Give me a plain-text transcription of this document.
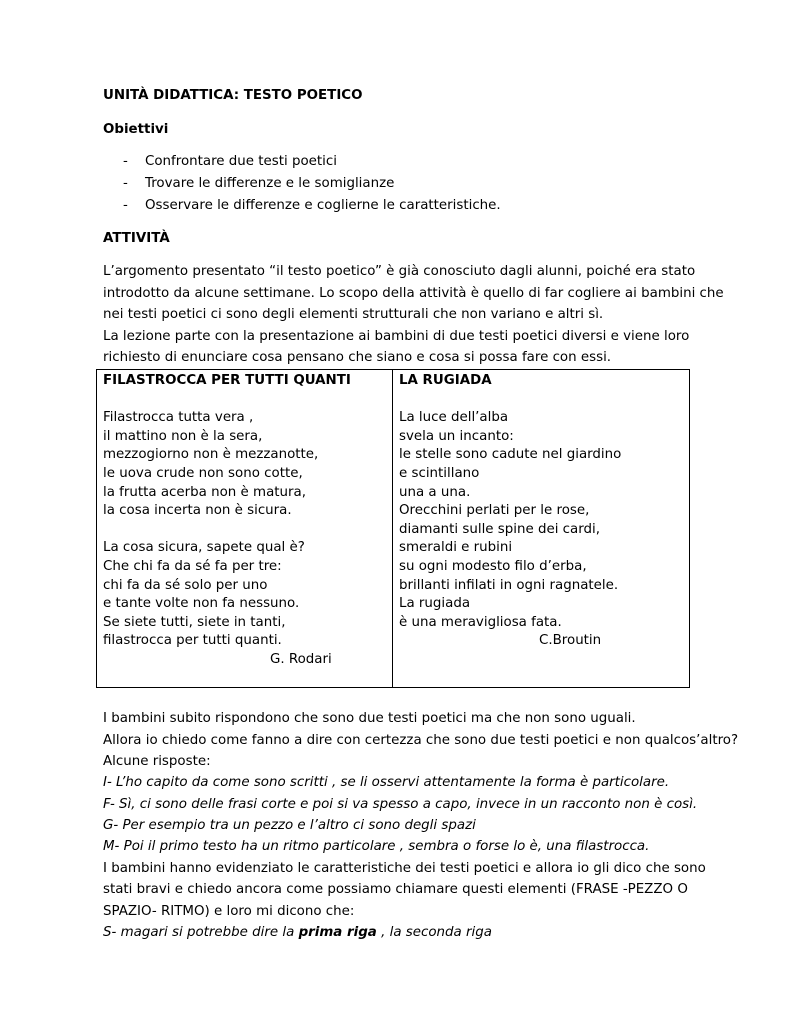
UNITÀ DIDATTICA: TESTO POETICO
Obiettivi
- Confrontare due testi poetici
- Trovare le differenze e le somiglianze
- Osservare le differenze e coglierne le caratteristiche.
ATTIVITÀ
L’argomento presentato “il testo poetico” è già conosciuto dagli alunni, poiché era stato
introdotto da alcune settimane. Lo scopo della attività è quello di far cogliere ai bambini che
nei testi poetici ci sono degli elementi strutturali che non variano e altri sì.
La lezione parte con la presentazione ai bambini di due testi poetici diversi e viene loro
richiesto di enunciare cosa pensano che siano e cosa si possa fare con essi.
I bambini subito rispondono che sono due testi poetici ma che non sono uguali.
Allora io chiedo come fanno a dire con certezza che sono due testi poetici e non qualcos’altro?
Alcune risposte:
I- L’ho capito da come sono scritti , se li osservi attentamente la forma è particolare.
F- Sì, ci sono delle frasi corte e poi si va spesso a capo, invece in un racconto non è così.
G- Per esempio tra un pezzo e l’altro ci sono degli spazi
M- Poi il primo testo ha un ritmo particolare , sembra o forse lo è, una filastrocca.
I bambini hanno evidenziato le caratteristiche dei testi poetici e allora io gli dico che sono
stati bravi e chiedo ancora come possiamo chiamare questi elementi (FRASE -PEZZO O
SPAZIO- RITMO) e loro mi dicono che:
S- magari si potrebbe dire la prima riga , la seconda riga
FILASTROCCA PER TUTTI QUANTI
Filastrocca tutta vera ,
il mattino non è la sera,
mezzogiorno non è mezzanotte,
le uova crude non sono cotte,
la frutta acerba non è matura,
la cosa incerta non è sicura.
La cosa sicura, sapete qual è?
Che chi fa da sé fa per tre:
chi fa da sé solo per uno
e tante volte non fa nessuno.
Se siete tutti, siete in tanti,
filastrocca per tutti quanti.
G. Rodari
LA RUGIADA
La luce dell’alba
svela un incanto:
le stelle sono cadute nel giardino
e scintillano
una a una.
Orecchini perlati per le rose,
diamanti sulle spine dei cardi,
smeraldi e rubini
su ogni modesto filo d’erba,
brillanti infilati in ogni ragnatele.
La rugiada
è una meravigliosa fata.
C.Broutin
